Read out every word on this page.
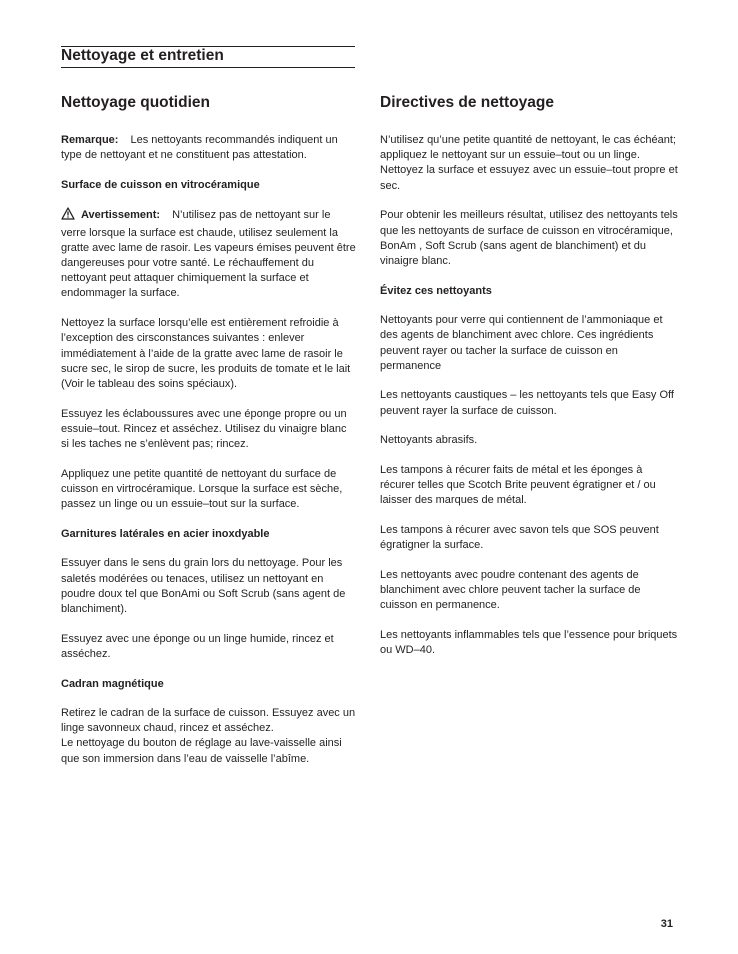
Nettoyage et entretien
Nettoyage quotidien

Remarque: Les nettoyants recommandés indiquent un type de nettoyant et ne constituent pas attestation.

Surface de cuisson en vitrocéramique

Avertissement: N’utilisez pas de nettoyant sur le verre lorsque la surface est chaude, utilisez seulement la gratte avec lame de rasoir. Les vapeurs émises peuvent être dangereuses pour votre santé. Le réchauffement du nettoyant peut attaquer chimiquement la surface et endommager la surface.

Nettoyez la surface lorsqu’elle est entièrement refroidie à l’exception des cirsconstances suivantes : enlever immédiatement à l’aide de la gratte avec lame de rasoir le sucre sec, le sirop de sucre, les produits de tomate et le lait (Voir le tableau des soins spéciaux).

Essuyez les éclaboussures avec une éponge propre ou un essuie–tout. Rincez et asséchez. Utilisez du vinaigre blanc si les taches ne s’enlèvent pas; rincez.

Appliquez une petite quantité de nettoyant du surface de cuisson en virtrocéramique. Lorsque la surface est sèche, passez un linge ou un essuie–tout sur la surface.

Garnitures latérales en acier inoxdyable

Essuyer dans le sens du grain lors du nettoyage. Pour les saletés modérées ou tenaces, utilisez un nettoyant en poudre doux tel que BonAmi ou Soft Scrub (sans agent de blanchiment).

Essuyez avec une éponge ou un linge humide, rincez et asséchez.

Cadran magnétique

Retirez le cadran de la surface de cuisson. Essuyez avec un linge savonneux chaud, rincez et asséchez.

Le nettoyage du bouton de réglage au lave-vaisselle ainsi que son immersion dans l’eau de vaisselle l’abîme.

Directives de nettoyage

N’utilisez qu’une petite quantité de nettoyant, le cas échéant; appliquez le nettoyant sur un essuie–tout ou un linge. Nettoyez la surface et essuyez avec un essuie–tout propre et sec.

Pour obtenir les meilleurs résultat, utilisez des nettoyants tels que les nettoyants de surface de cuisson en vitrocéramique, BonAm , Soft Scrub (sans agent de blanchiment) et du vinaigre blanc.

Évitez ces nettoyants

Nettoyants pour verre qui contiennent de l’ammoniaque et des agents de blanchiment avec chlore. Ces ingrédients peuvent rayer ou tacher la surface de cuisson en permanence

Les nettoyants caustiques – les nettoyants tels que Easy Off peuvent rayer la surface de cuisson.

Nettoyants abrasifs.

Les tampons à récurer faits de métal et les éponges à récurer telles que Scotch Brite peuvent égratigner et / ou laisser des marques de métal.

Les tampons à récurer avec savon tels que SOS peuvent égratigner la surface.

Les nettoyants avec poudre contenant des agents de blanchiment avec chlore peuvent tacher la surface de cuisson en permanence.

Les nettoyants inflammables tels que l’essence pour briquets ou WD–40.

31
